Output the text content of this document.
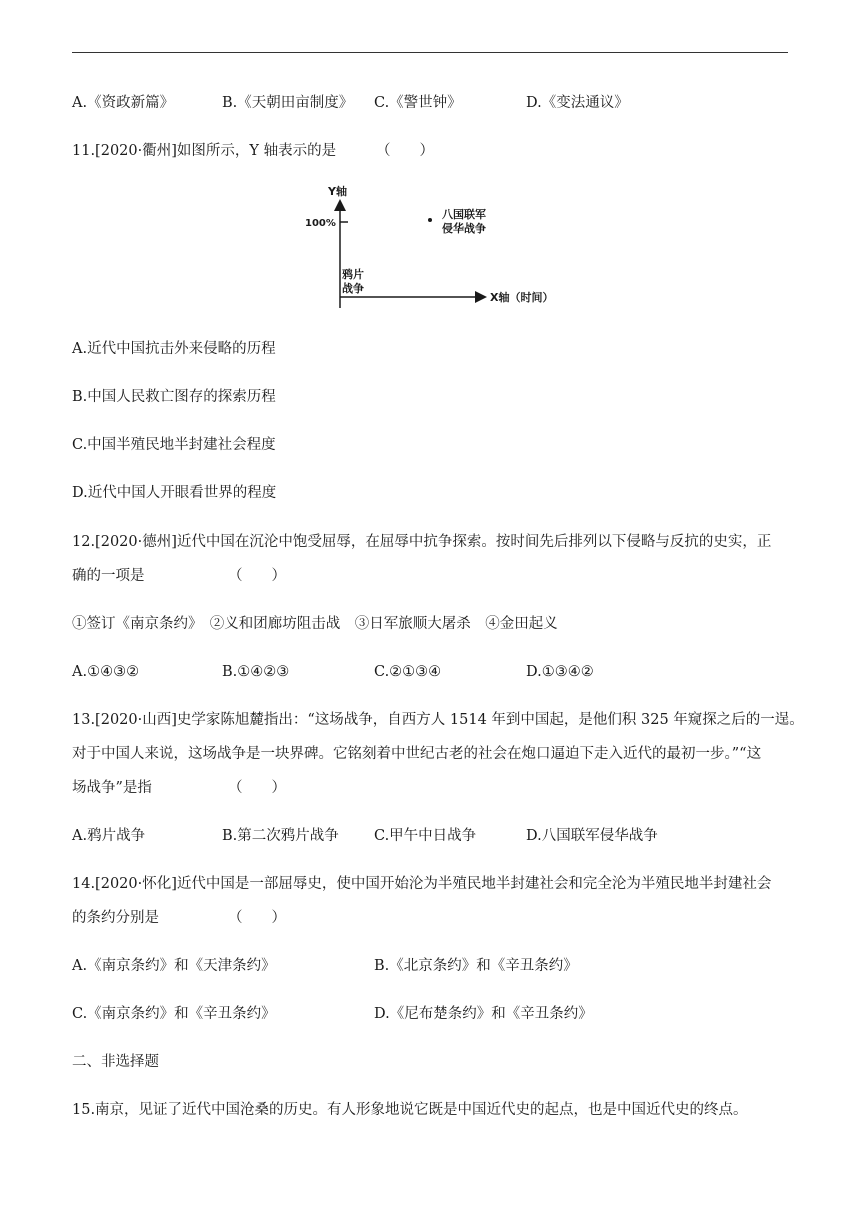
A.《资政新篇》	B.《天朝田亩制度》 C.《警世钟》	D.《变法通议》
11.[2020·衢州]如图所示，Y 轴表示的是	（　　）
Y轴
100%
鸦片
战争
X轴（时间）
八国联军
侵华战争
A.近代中国抗击外来侵略的历程
B.中国人民救亡图存的探索历程
C.中国半殖民地半封建社会程度
D.近代中国人开眼看世界的程度
12.[2020·德州]近代中国在沉沦中饱受屈辱，在屈辱中抗争探索。按时间先后排列以下侵略与反抗的史实，正
确的一项是	（　　）
①签订《南京条约》　②义和团廊坊阻击战　③日军旅顺大屠杀　④金田起义
A.①④③②	B.①④②③	C.②①③④	D.①③④②
13.[2020·山西]史学家陈旭麓指出：“这场战争，自西方人 1514 年到中国起，是他们积 325 年窥探之后的一逞。
对于中国人来说，这场战争是一块界碑。它铭刻着中世纪古老的社会在炮口逼迫下走入近代的最初一步。”“这
场战争”是指	（　　）
A.鸦片战争	B.第二次鸦片战争 C.甲午中日战争	D.八国联军侵华战争
14.[2020·怀化]近代中国是一部屈辱史，使中国开始沦为半殖民地半封建社会和完全沦为半殖民地半封建社会
的条约分别是	（　　）
A.《南京条约》和《天津条约》	B.《北京条约》和《辛丑条约》
C.《南京条约》和《辛丑条约》	D.《尼布楚条约》和《辛丑条约》
二、非选择题
15.南京，见证了近代中国沧桑的历史。有人形象地说它既是中国近代史的起点，也是中国近代史的终点。
